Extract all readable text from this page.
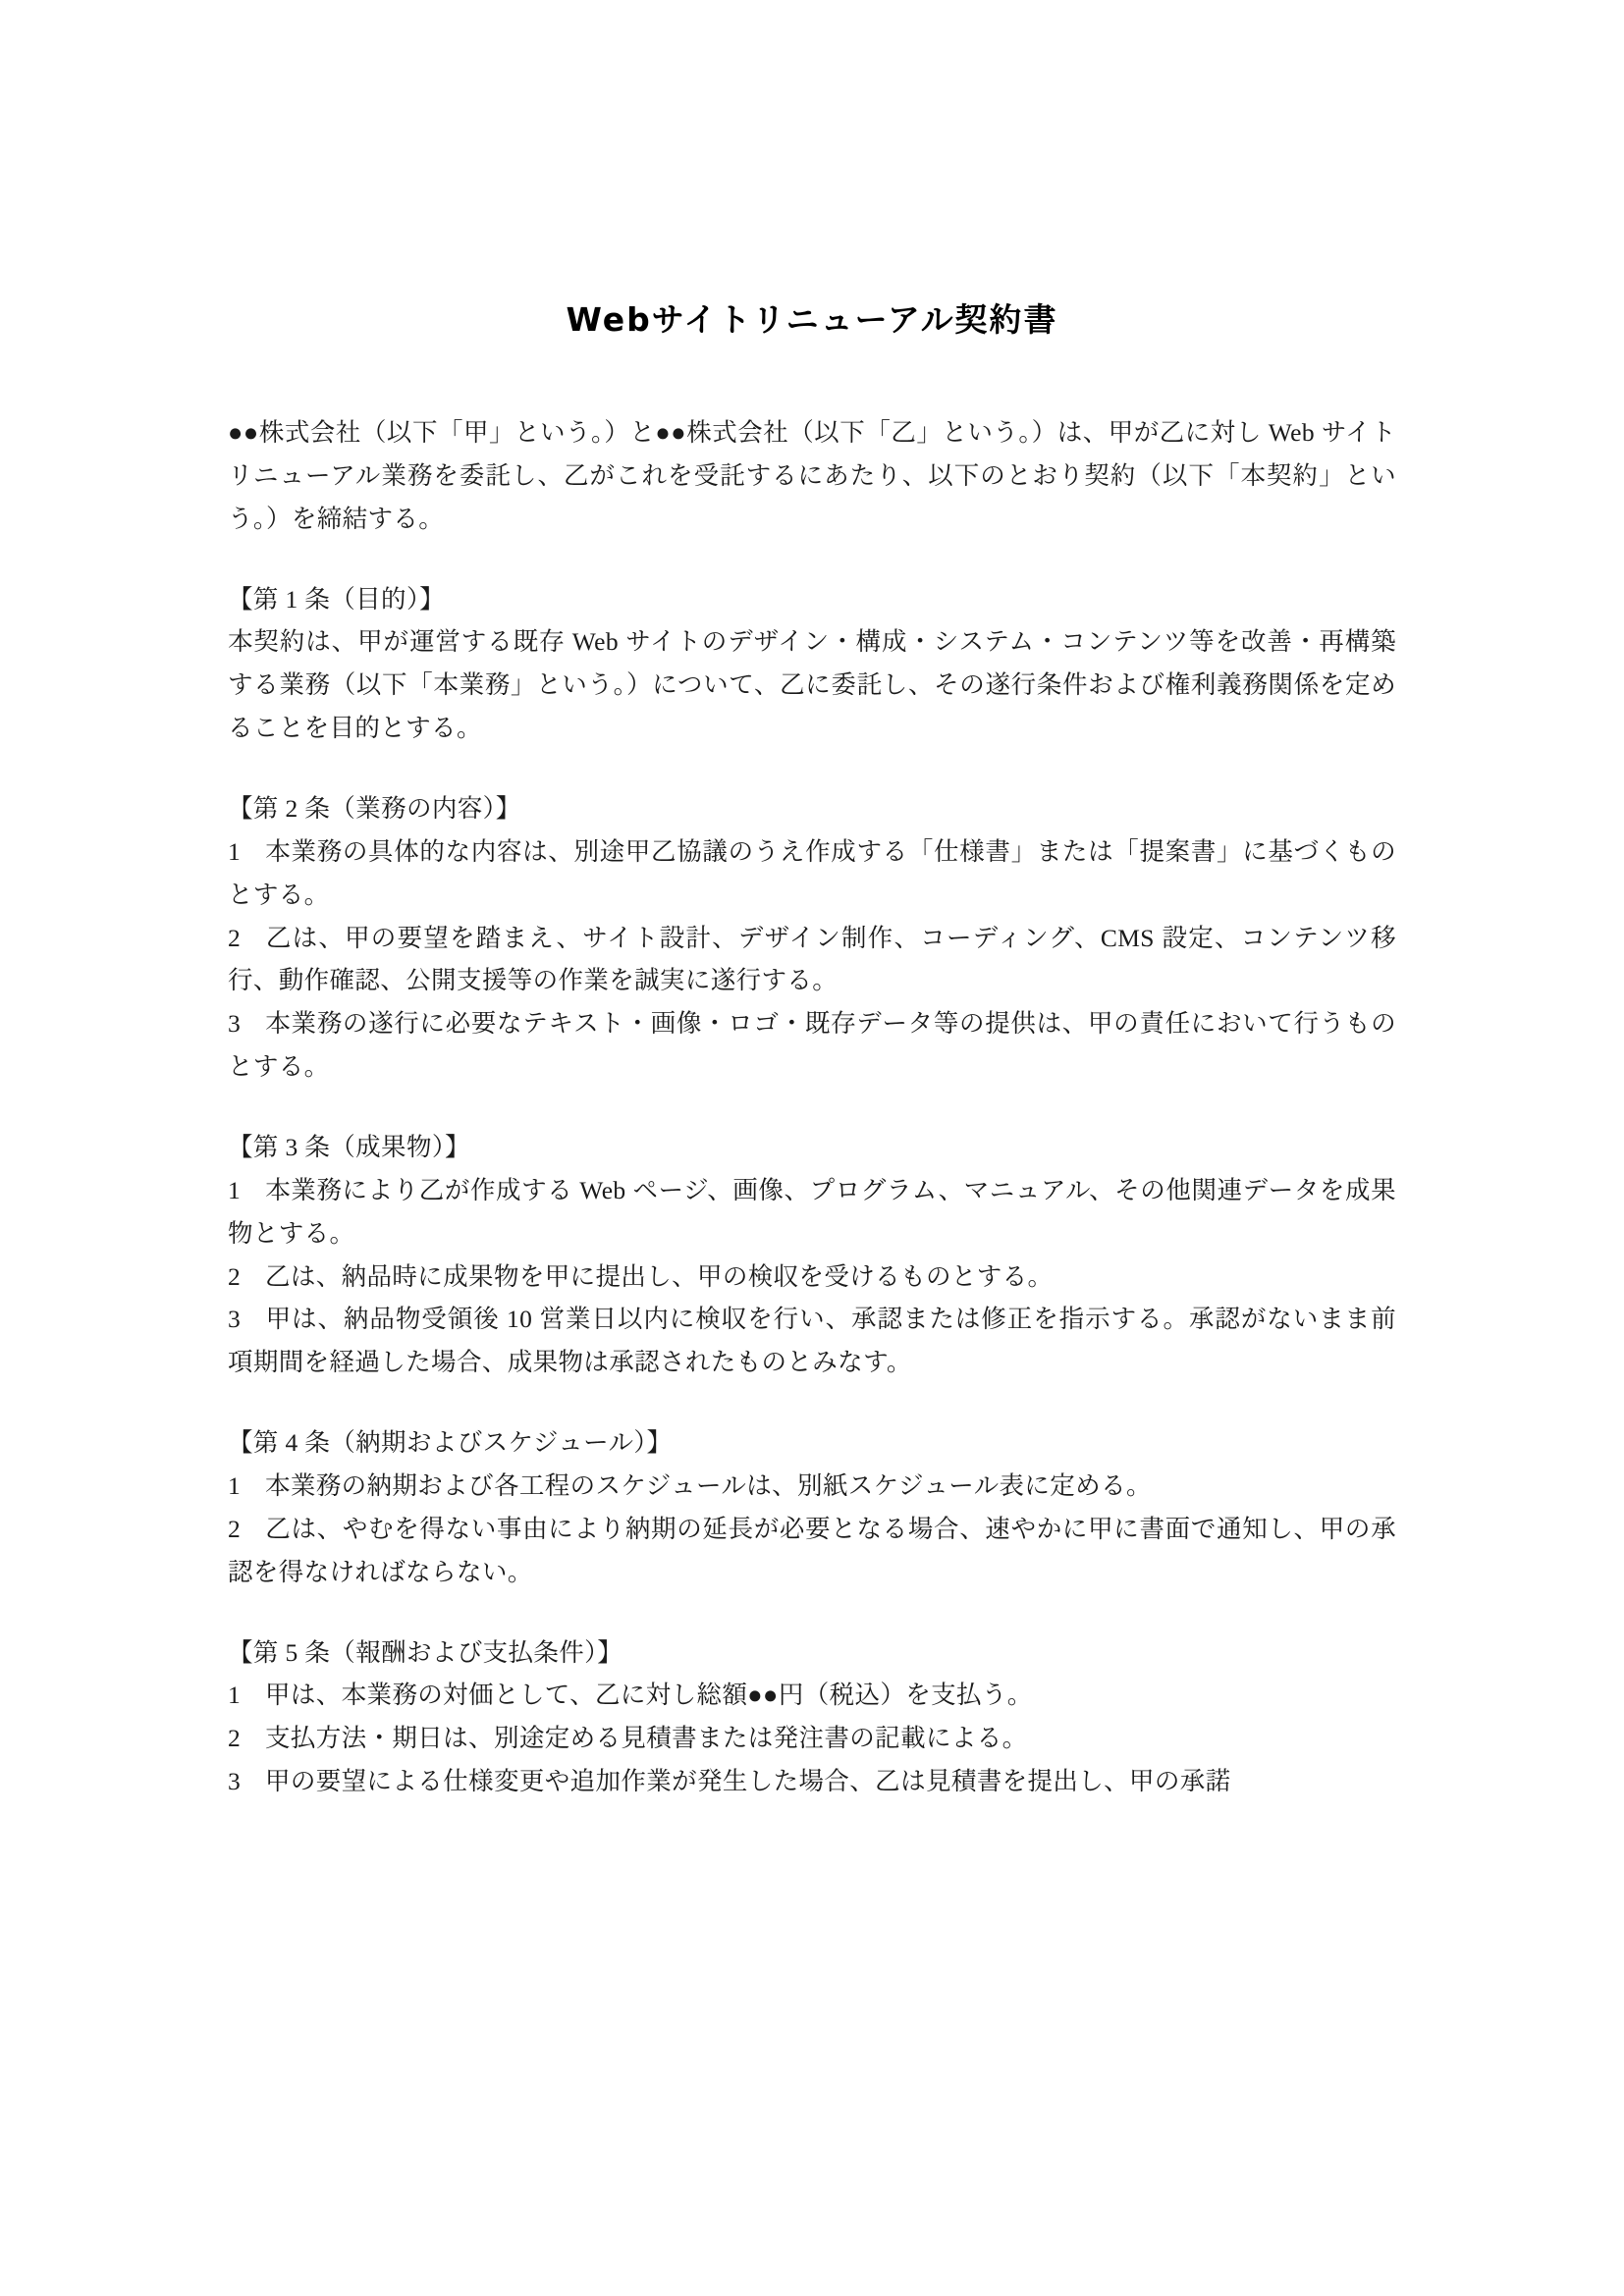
Webサイトリニューアル契約書

●●株式会社（以下「甲」という。）と●●株式会社（以下「乙」という。）は、甲が乙に対し Web サイトリニューアル業務を委託し、乙がこれを受託するにあたり、以下のとおり契約（以下「本契約」という。）を締結する。

【第 1 条（目的）】

本契約は、甲が運営する既存 Web サイトのデザイン・構成・システム・コンテンツ等を改善・再構築する業務（以下「本業務」という。）について、乙に委託し、その遂行条件および権利義務関係を定めることを目的とする。

【第 2 条（業務の内容）】

1 本業務の具体的な内容は、別途甲乙協議のうえ作成する「仕様書」または「提案書」に基づくものとする。

2 乙は、甲の要望を踏まえ、サイト設計、デザイン制作、コーディング、CMS 設定、コンテンツ移行、動作確認、公開支援等の作業を誠実に遂行する。

3 本業務の遂行に必要なテキスト・画像・ロゴ・既存データ等の提供は、甲の責任において行うものとする。

【第 3 条（成果物）】

1 本業務により乙が作成する Web ページ、画像、プログラム、マニュアル、その他関連データを成果物とする。

2 乙は、納品時に成果物を甲に提出し、甲の検収を受けるものとする。

3 甲は、納品物受領後 10 営業日以内に検収を行い、承認または修正を指示する。承認がないまま前項期間を経過した場合、成果物は承認されたものとみなす。

【第 4 条（納期およびスケジュール）】

1 本業務の納期および各工程のスケジュールは、別紙スケジュール表に定める。

2 乙は、やむを得ない事由により納期の延長が必要となる場合、速やかに甲に書面で通知し、甲の承認を得なければならない。

【第 5 条（報酬および支払条件）】

1 甲は、本業務の対価として、乙に対し総額●●円（税込）を支払う。

2 支払方法・期日は、別途定める見積書または発注書の記載による。

3 甲の要望による仕様変更や追加作業が発生した場合、乙は見積書を提出し、甲の承諾
